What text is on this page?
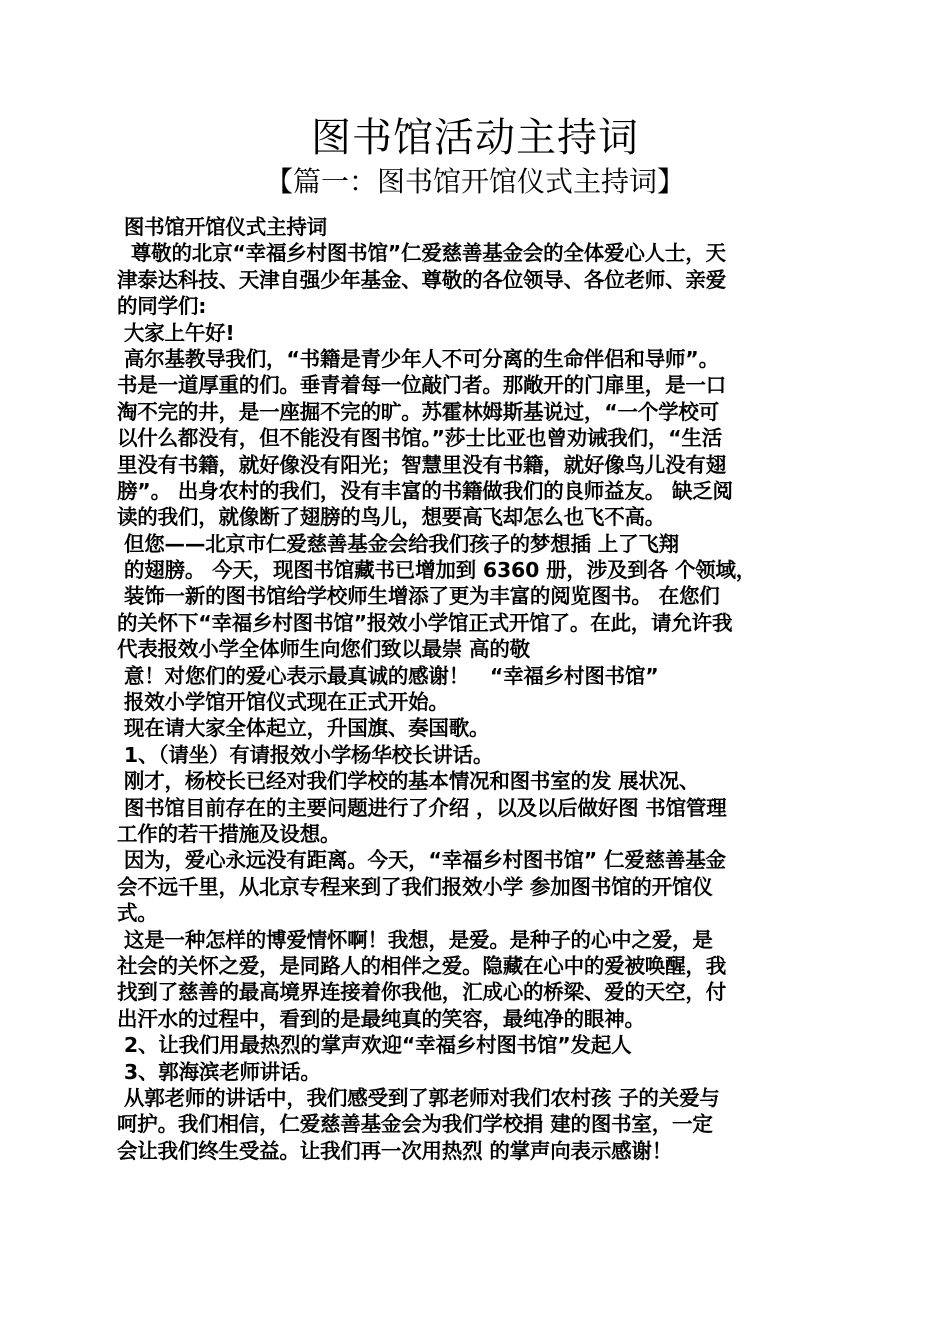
图书馆活动主持词
【篇一：图书馆开馆仪式主持词】
图书馆开馆仪式主持词
尊敬的北京“幸福乡村图书馆”仁爱慈善基金会的全体爱心人士，天
津泰达科技、天津自强少年基金、尊敬的各位领导、各位老师、亲爱
的同学们:
大家上午好!
高尔基教导我们，“书籍是青少年人不可分离的生命伴侣和导师”。
书是一道厚重的们。垂青着每一位敲门者。那敞开的门扉里，是一口
淘不完的井，是一座掘不完的旷。苏霍林姆斯基说过，“一个学校可
以什么都没有，但不能没有图书馆。”莎士比亚也曾劝诫我们，“生活
里没有书籍，就好像没有阳光；智慧里没有书籍，就好像鸟儿没有翅
膀”。 出身农村的我们，没有丰富的书籍做我们的良师益友。 缺乏阅
读的我们，就像断了翅膀的鸟儿，想要高飞却怎么也飞不高。
但您——北京市仁爱慈善基金会给我们孩子的梦想插 上了飞翔
的翅膀。 今天，现图书馆藏书已增加到 6360 册，涉及到各 个领域，
装饰一新的图书馆给学校师生增添了更为丰富的阅览图书。 在您们
的关怀下“幸福乡村图书馆”报效小学馆正式开馆了。在此，请允许我
代表报效小学全体师生向您们致以最崇 高的敬
意！对您们的爱心表示最真诚的感谢！   “幸福乡村图书馆”
报效小学馆开馆仪式现在正式开始。
现在请大家全体起立，升国旗、奏国歌。
1、（请坐）有请报效小学杨华校长讲话。
刚才，杨校长已经对我们学校的基本情况和图书室的发 展状况、
图书馆目前存在的主要问题进行了介绍 ，以及以后做好图 书馆管理
工作的若干措施及设想。
因为，爱心永远没有距离。今天，“幸福乡村图书馆” 仁爱慈善基金
会不远千里，从北京专程来到了我们报效小学 参加图书馆的开馆仪
式。
这是一种怎样的博爱情怀啊！我想，是爱。是种子的心中之爱，是
社会的关怀之爱，是同路人的相伴之爱。隐藏在心中的爱被唤醒，我
找到了慈善的最高境界连接着你我他，汇成心的桥梁、爱的天空，付
出汗水的过程中，看到的是最纯真的笑容，最纯净的眼神。
2、让我们用最热烈的掌声欢迎“幸福乡村图书馆”发起人
3、郭海滨老师讲话。
从郭老师的讲话中，我们感受到了郭老师对我们农村孩 子的关爱与
呵护。我们相信，仁爱慈善基金会为我们学校捐 建的图书室，一定
会让我们终生受益。让我们再一次用热烈 的掌声向表示感谢！
